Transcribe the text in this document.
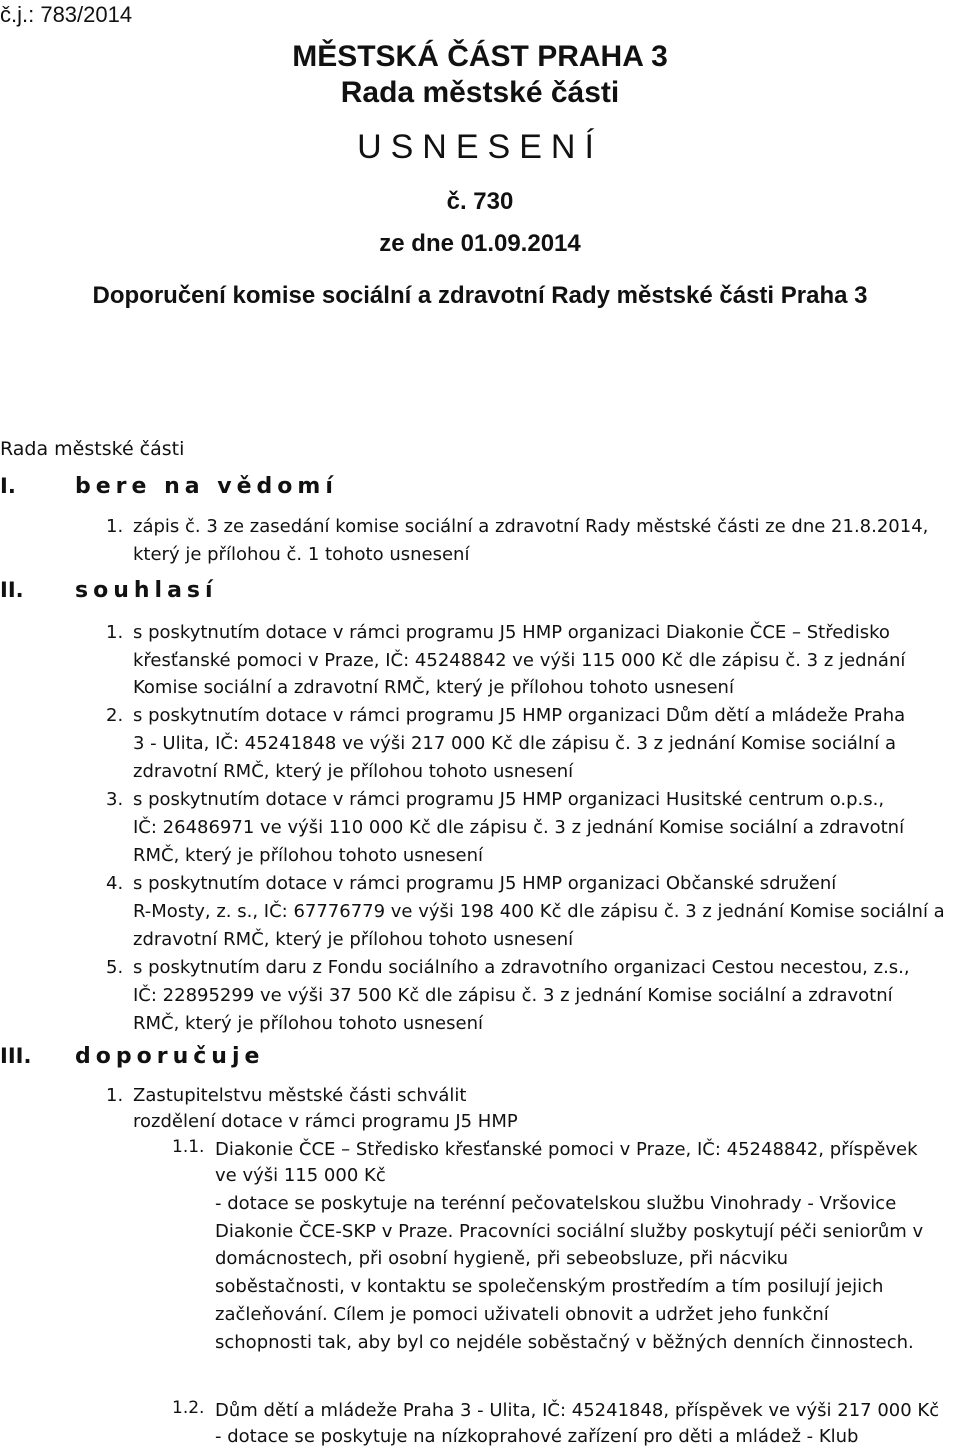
č.j.: 783/2014
MĚSTSKÁ ČÁST PRAHA 3
Rada městské části
USNESENÍ
č. 730
ze dne 01.09.2014
Doporučení komise sociální a zdravotní Rady městské části Praha 3
Rada městské části
I.	bere na vědomí
1. zápis č. 3 ze zasedání komise sociální a zdravotní Rady městské části ze dne 21.8.2014,
který je přílohou č. 1 tohoto usnesení
II. souhlasí
1. s poskytnutím dotace v rámci programu J5 HMP organizaci Diakonie ČCE – Středisko
křesťanské pomoci v Praze, IČ: 45248842 ve výši 115 000 Kč dle zápisu č. 3 z jednání
Komise sociální a zdravotní RMČ, který je přílohou tohoto usnesení
2. s poskytnutím dotace v rámci programu J5 HMP organizaci Dům dětí a mládeže Praha
3 - Ulita, IČ: 45241848 ve výši 217 000 Kč dle zápisu č. 3 z jednání Komise sociální a
zdravotní RMČ, který je přílohou tohoto usnesení
3. s poskytnutím dotace v rámci programu J5 HMP organizaci Husitské centrum o.p.s.,
IČ: 26486971 ve výši 110 000 Kč dle zápisu č. 3 z jednání Komise sociální a zdravotní
RMČ, který je přílohou tohoto usnesení
4. s poskytnutím dotace v rámci programu J5 HMP organizaci Občanské sdružení
R-Mosty, z. s., IČ: 67776779 ve výši 198 400 Kč dle zápisu č. 3 z jednání Komise sociální a
zdravotní RMČ, který je přílohou tohoto usnesení
5. s poskytnutím daru z Fondu sociálního a zdravotního organizaci Cestou necestou, z.s.,
IČ: 22895299 ve výši 37 500 Kč dle zápisu č. 3 z jednání Komise sociální a zdravotní
RMČ, který je přílohou tohoto usnesení
III. doporučuje
1. Zastupitelstvu městské části schválit
rozdělení dotace v rámci programu J5 HMP
1.1. Diakonie ČCE – Středisko křesťanské pomoci v Praze, IČ: 45248842, příspěvek
ve výši 115 000 Kč
- dotace se poskytuje na terénní pečovatelskou službu Vinohrady - Vršovice
Diakonie ČCE-SKP v Praze. Pracovníci sociální služby poskytují péči seniorům v
domácnostech, při osobní hygieně, při sebeobsluze, při nácviku
soběstačnosti, v kontaktu se společenským prostředím a tím posilují jejich
začleňování. Cílem je pomoci uživateli obnovit a udržet jeho funkční
schopnosti tak, aby byl co nejdéle soběstačný v běžných denních činnostech.
1.2. Dům dětí a mládeže Praha 3 - Ulita, IČ: 45241848, příspěvek ve výši 217 000 Kč
- dotace se poskytuje na nízkoprahové zařízení pro děti a mládež - Klub
